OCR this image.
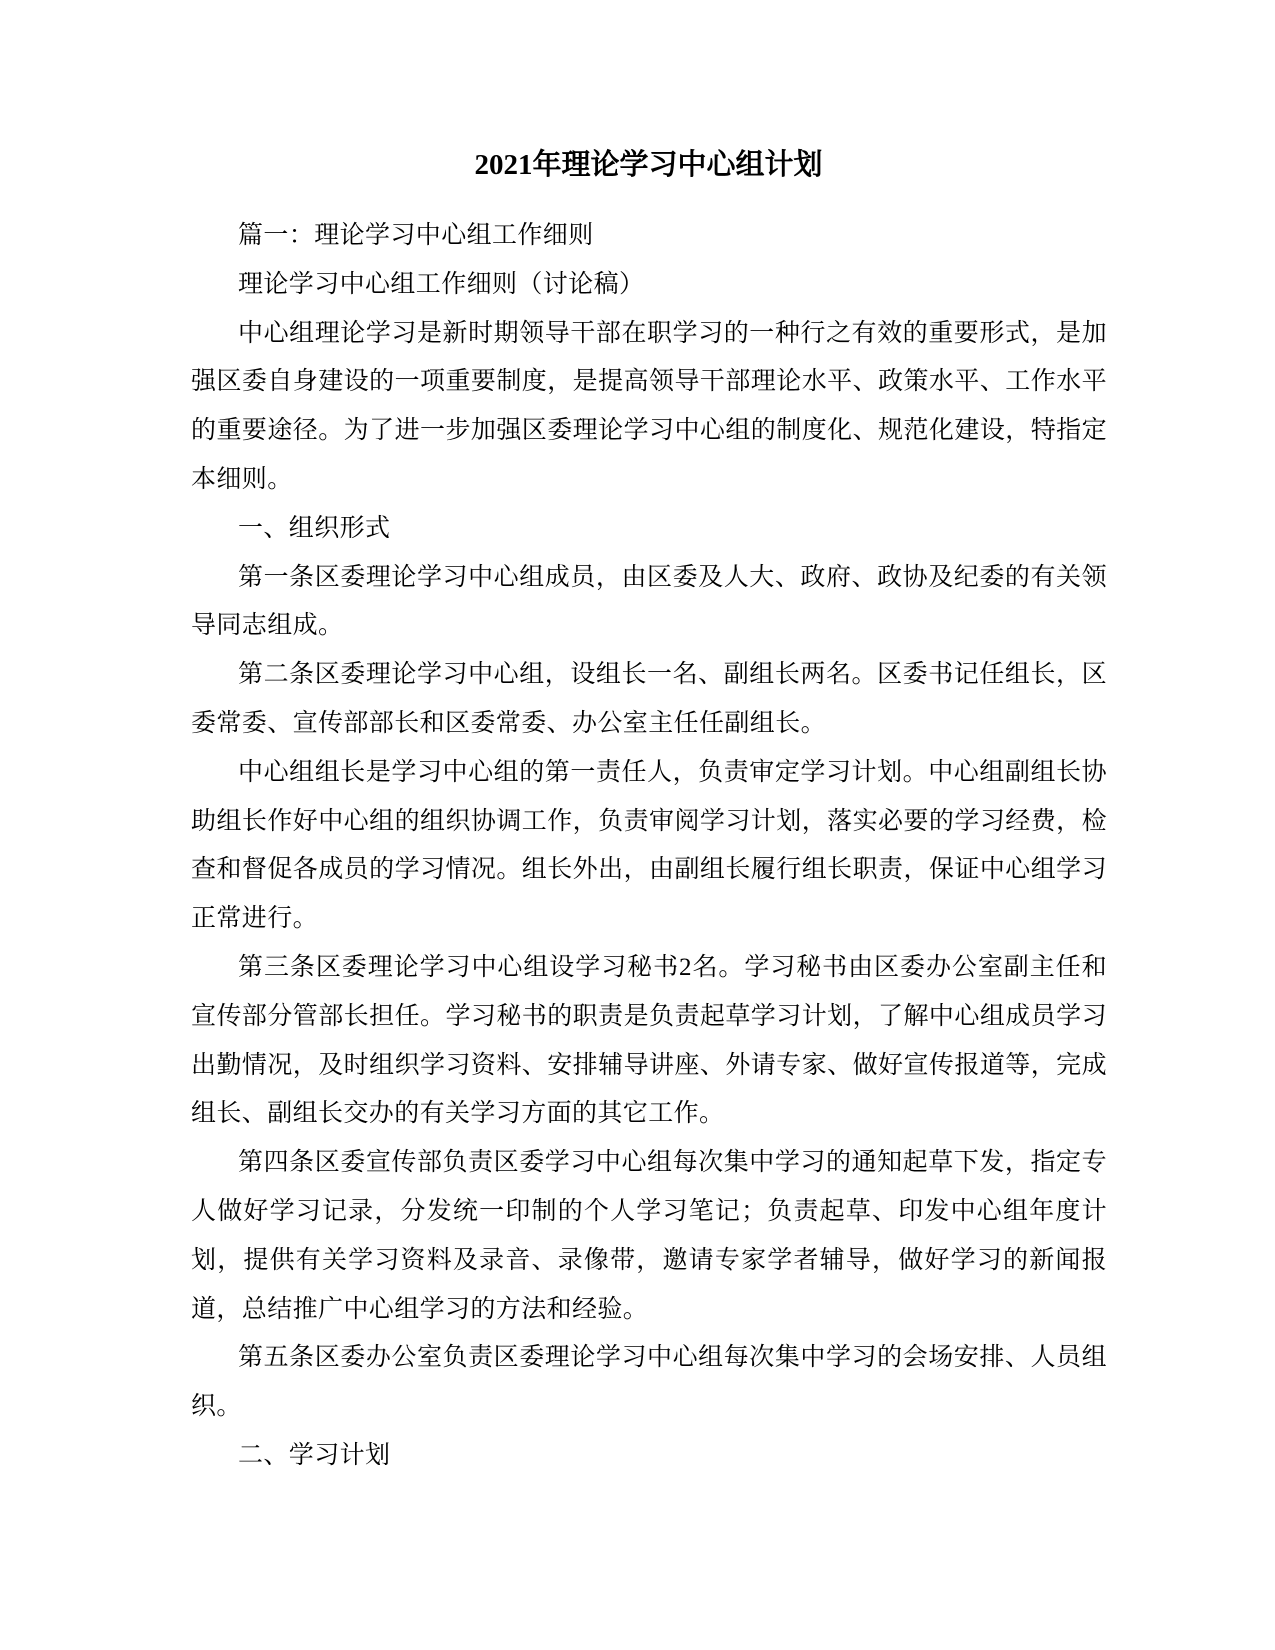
2021年理论学习中心组计划

篇一：理论学习中心组工作细则

理论学习中心组工作细则（讨论稿）

中心组理论学习是新时期领导干部在职学习的一种行之有效的重要形式，是加强区委自身建设的一项重要制度，是提高领导干部理论水平、政策水平、工作水平的重要途径。为了进一步加强区委理论学习中心组的制度化、规范化建设，特指定本细则。

一、组织形式

第一条区委理论学习中心组成员，由区委及人大、政府、政协及纪委的有关领导同志组成。

第二条区委理论学习中心组，设组长一名、副组长两名。区委书记任组长，区委常委、宣传部部长和区委常委、办公室主任任副组长。

中心组组长是学习中心组的第一责任人，负责审定学习计划。中心组副组长协助组长作好中心组的组织协调工作，负责审阅学习计划，落实必要的学习经费，检查和督促各成员的学习情况。组长外出，由副组长履行组长职责，保证中心组学习正常进行。

第三条区委理论学习中心组设学习秘书2名。学习秘书由区委办公室副主任和宣传部分管部长担任。学习秘书的职责是负责起草学习计划，了解中心组成员学习出勤情况，及时组织学习资料、安排辅导讲座、外请专家、做好宣传报道等，完成组长、副组长交办的有关学习方面的其它工作。

第四条区委宣传部负责区委学习中心组每次集中学习的通知起草下发，指定专人做好学习记录，分发统一印制的个人学习笔记；负责起草、印发中心组年度计划，提供有关学习资料及录音、录像带，邀请专家学者辅导，做好学习的新闻报道，总结推广中心组学习的方法和经验。

第五条区委办公室负责区委理论学习中心组每次集中学习的会场安排、人员组织。

二、学习计划
